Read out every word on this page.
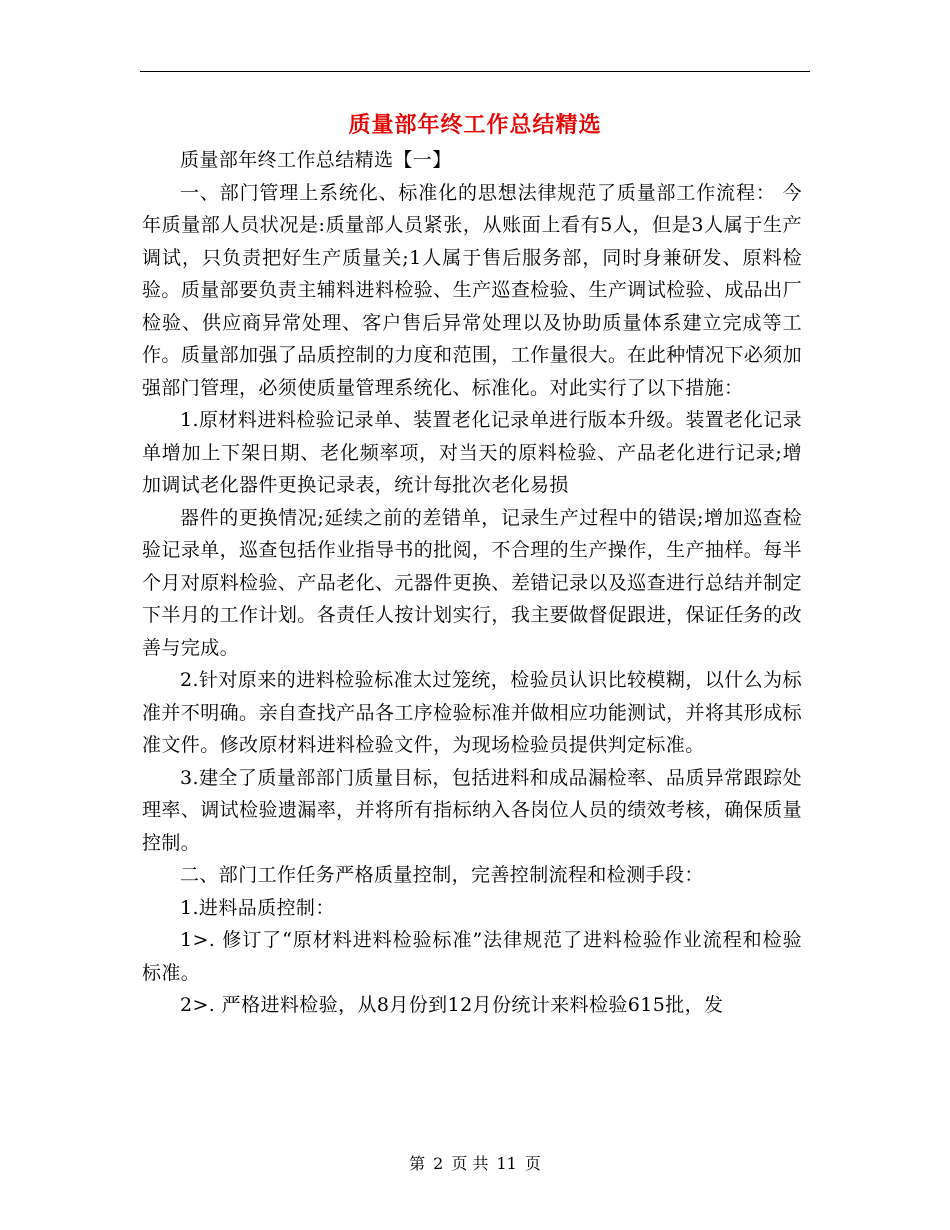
质量部年终工作总结精选

质量部年终工作总结精选【一】

一、部门管理上系统化、标准化的思想法律规范了质量部工作流程： 今年质量部人员状况是:质量部人员紧张，从账面上看有5人，但是3人属于生产调试，只负责把好生产质量关;1人属于售后服务部，同时身兼研发、原料检验。质量部要负责主辅料进料检验、生产巡查检验、生产调试检验、成品出厂检验、供应商异常处理、客户售后异常处理以及协助质量体系建立完成等工作。质量部加强了品质控制的力度和范围，工作量很大。在此种情况下必须加强部门管理，必须使质量管理系统化、标准化。对此实行了以下措施：

1.原材料进料检验记录单、装置老化记录单进行版本升级。装置老化记录单增加上下架日期、老化频率项，对当天的原料检验、产品老化进行记录;增加调试老化器件更换记录表，统计每批次老化易损

器件的更换情况;延续之前的差错单，记录生产过程中的错误;增加巡查检验记录单，巡查包括作业指导书的批阅，不合理的生产操作，生产抽样。每半个月对原料检验、产品老化、元器件更换、差错记录以及巡查进行总结并制定下半月的工作计划。各责任人按计划实行，我主要做督促跟进，保证任务的改善与完成。

2.针对原来的进料检验标准太过笼统，检验员认识比较模糊，以什么为标准并不明确。亲自查找产品各工序检验标准并做相应功能测试，并将其形成标准文件。修改原材料进料检验文件，为现场检验员提供判定标准。

3.建全了质量部部门质量目标，包括进料和成品漏检率、品质异常跟踪处理率、调试检验遗漏率，并将所有指标纳入各岗位人员的绩效考核，确保质量控制。

二、部门工作任务严格质量控制，完善控制流程和检测手段：

1.进料品质控制：

1>. 修订了“原材料进料检验标准”法律规范了进料检验作业流程和检验标准。

2>. 严格进料检验，从8月份到12月份统计来料检验615批，发

第 2 页 共 11 页
